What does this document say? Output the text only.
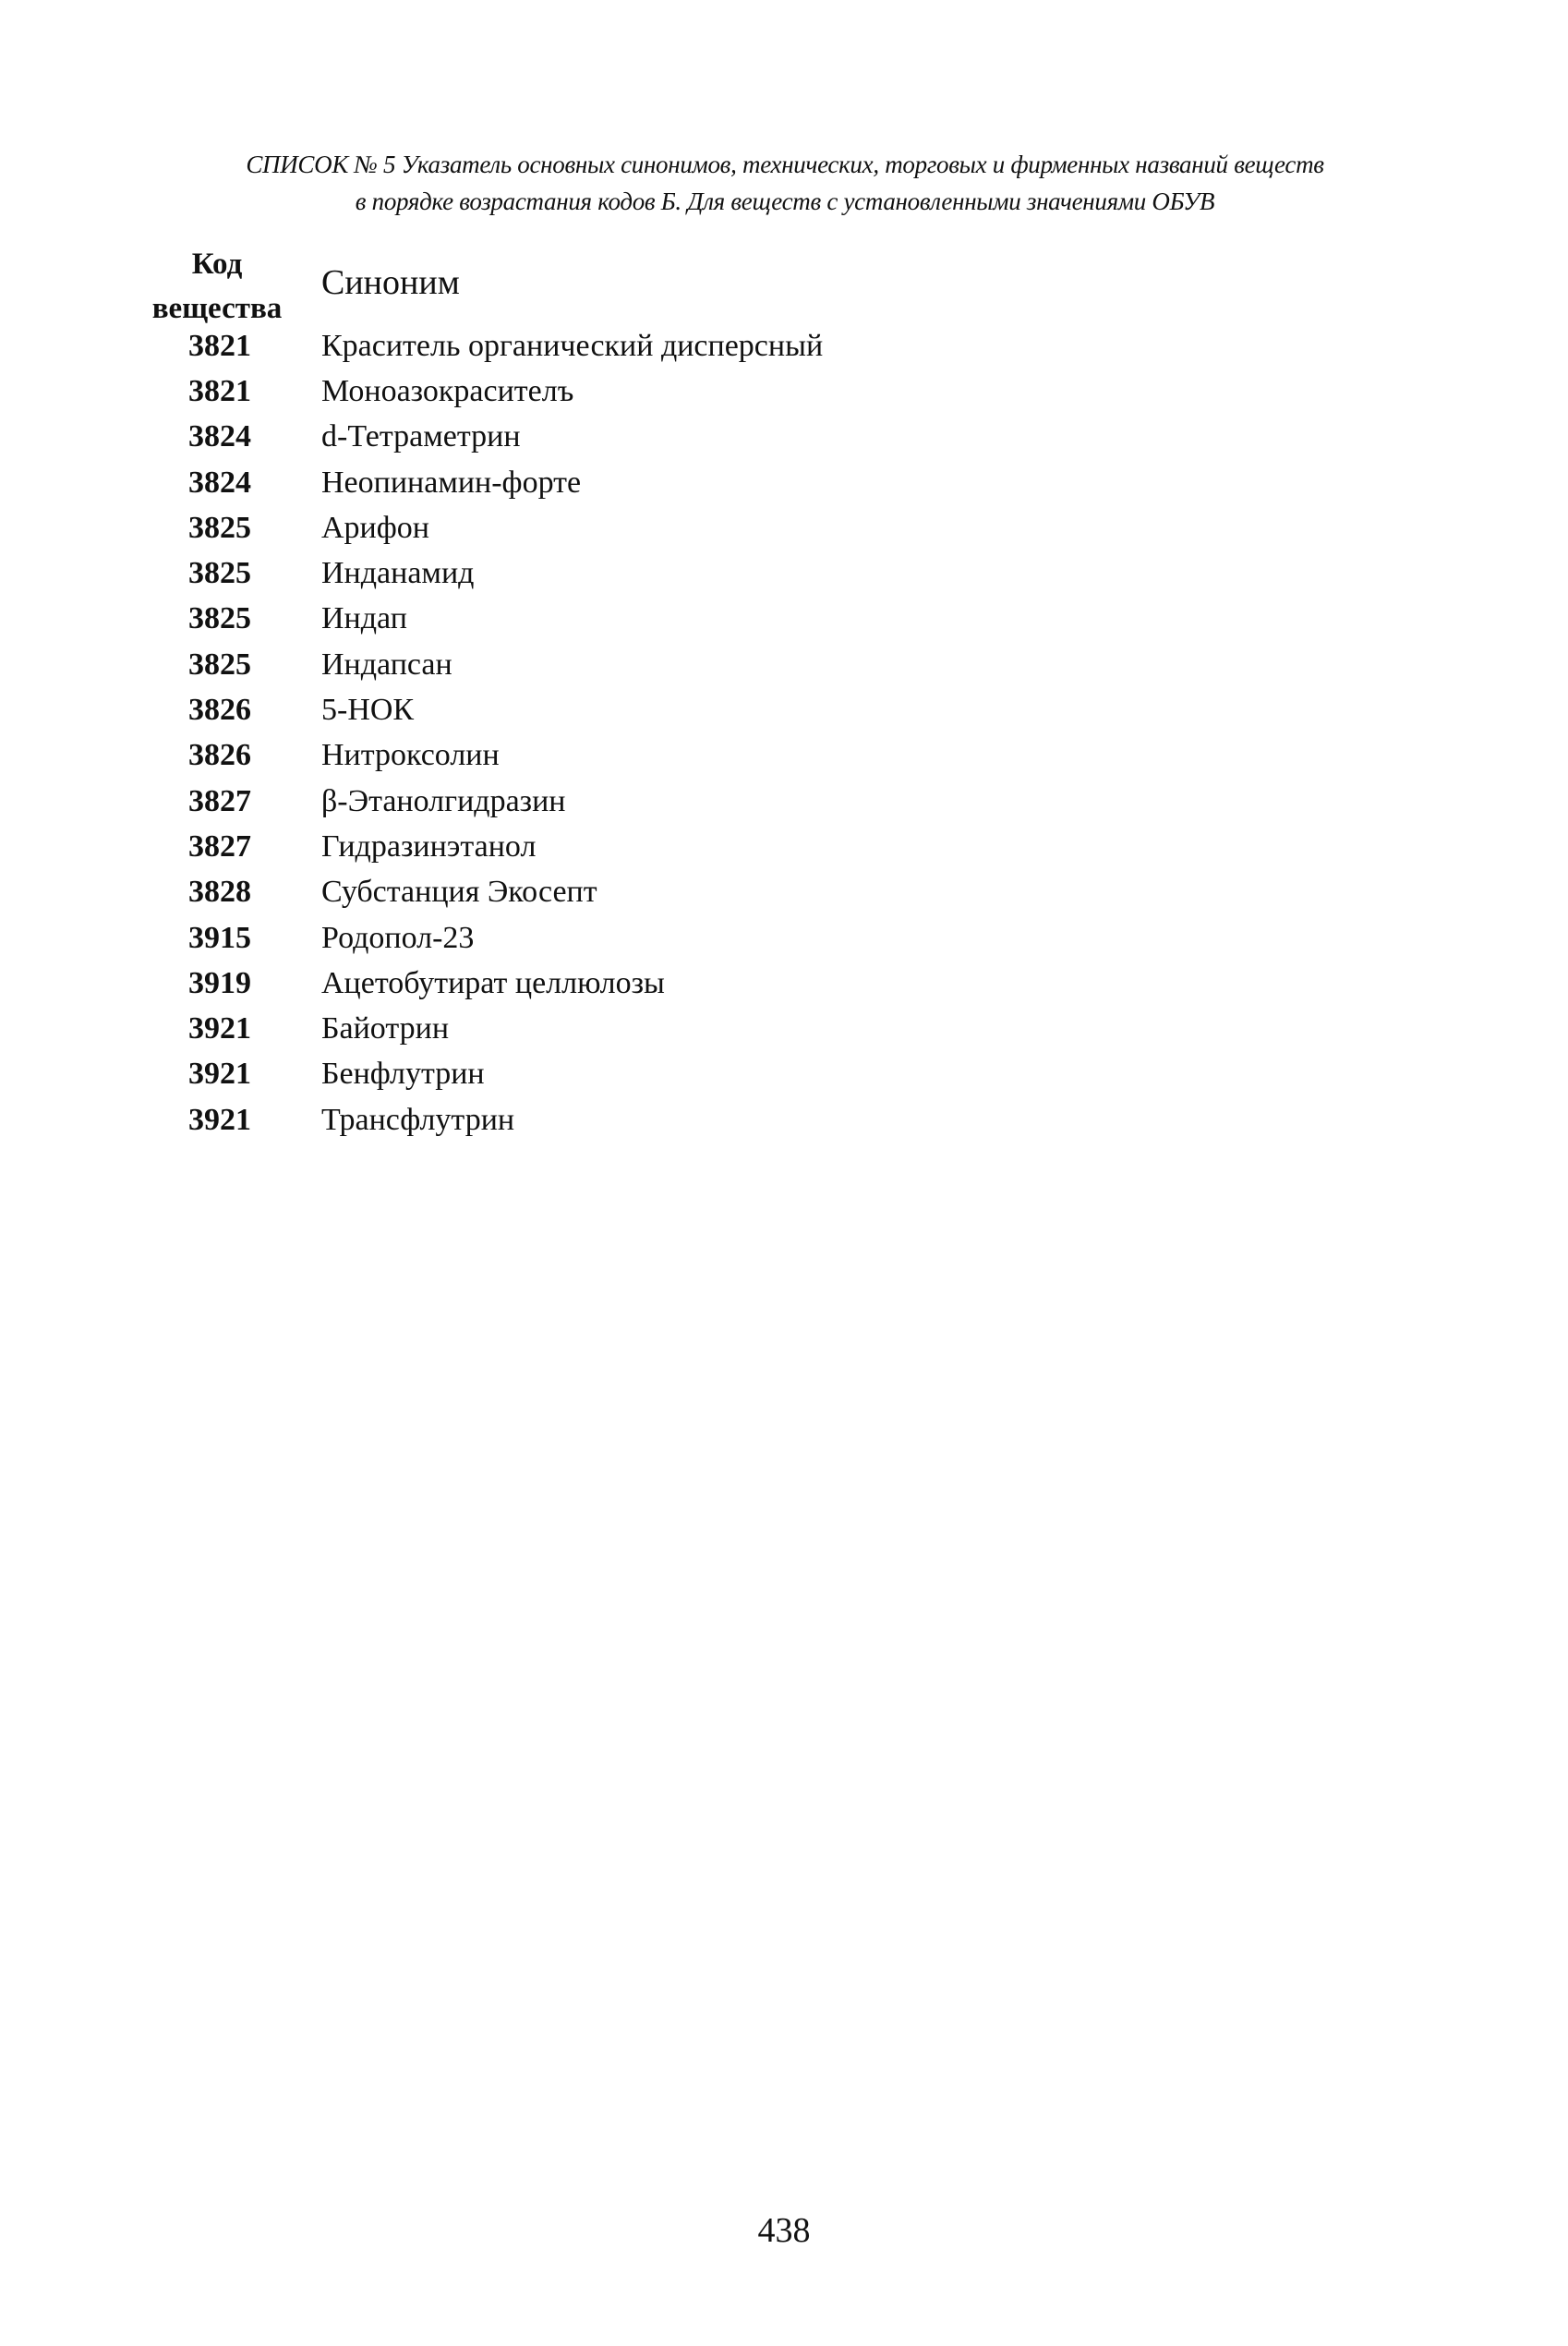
СПИСОК № 5 Указатель основных синонимов, технических, торговых и фирменных названий веществ
в порядке возрастания кодов Б. Для веществ с установленными значениями ОБУВ
Код
вещества
Синоним
3821 Краситель органический дисперсный
3821 Моноазокрасителъ
3824 d-Тетраметрин
3824 Неопинамин-форте
3825 Арифон
3825 Инданамид
3825 Индап
3825 Индапсан
3826 5-НОК
3826 Нитроксолин
3827 β-Этанолгидразин
3827 Гидразинэтанол
3828 Субстанция Экосепт
3915 Родопол-23
3919 Ацетобутират целлюлозы
3921 Байотрин
3921 Бенфлутрин
3921 Трансфлутрин
438
